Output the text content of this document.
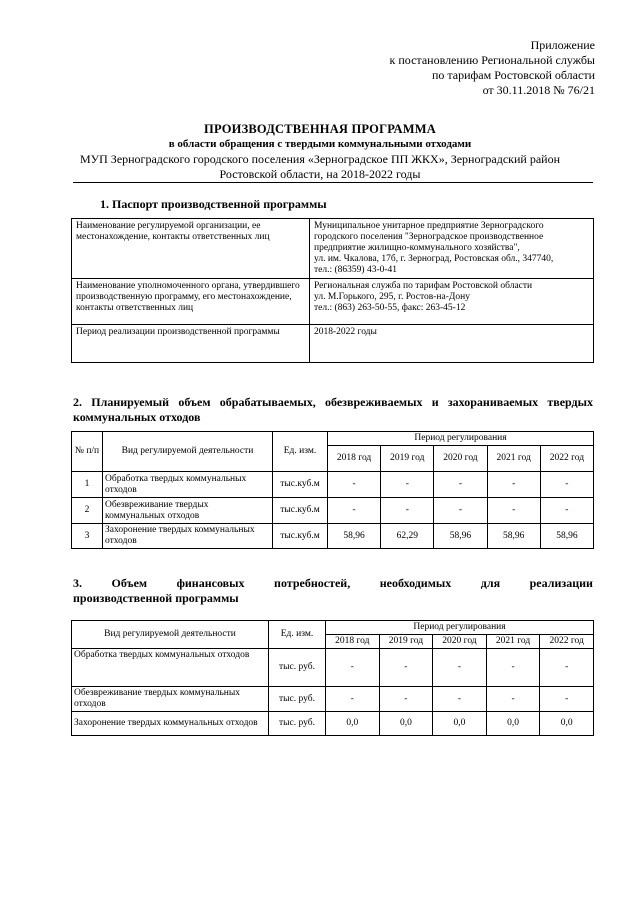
Приложение
к постановлению Региональной службы
по тарифам Ростовской области
от 30.11.2018 № 76/21
ПРОИЗВОДСТВЕННАЯ ПРОГРАММА
в области обращения с твердыми коммунальными отходами
МУП Зерноградского городского поселения «Зерноградское ПП ЖКХ», Зерноградский район
Ростовской области, на 2018-2022 годы
1. Паспорт производственной программы
Наименование регулируемой организации, ее местонахождение, контакты ответственных лиц	Муниципальное унитарное предприятие Зерноградского
городского поселения "Зерноградское производственное
предприятие жилищно-коммунального хозяйства",
ул. им. Чкалова, 17б, г. Зерноград, Ростовская обл., 347740,
тел.: (86359) 43-0-41

Наименование уполномоченного органа, утвердившего производственную программу, его местонахождение, контакты ответственных лиц	Региональная служба по тарифам Ростовской области
ул. М.Горького, 295, г. Ростов-на-Дону
тел.: (863) 263-50-55, факс: 263-45-12

Период реализации производственной программы	2018-2022 годы
2. Планируемый объем обрабатываемых, обезвреживаемых и захораниваемых твердых коммунальных отходов
№ п/п	Вид регулируемой деятельности	Ед. изм.	Период регулирования				
			2018 год	2019 год	2020 год	2021 год	2022 год
1	Обработка твердых коммунальных отходов	тыс.куб.м	-	-	-	-	-
2	Обезвреживание твердых коммунальных отходов	тыс.куб.м	-	-	-	-	-
3	Захоронение твердых коммунальных отходов	тыс.куб.м	58,96	62,29	58,96	58,96	58,96
3. Объем финансовых потребностей, необходимых для реализации
производственной программы
Вид регулируемой деятельности	Ед. изм.	Период регулирования				
		2018 год	2019 год	2020 год	2021 год	2022 год
Обработка твердых коммунальных отходов	тыс. руб.	-	-	-	-	-
Обезвреживание твердых коммунальных отходов	тыс. руб.	-	-	-	-	-
Захоронение твердых коммунальных отходов	тыс. руб.	0,0	0,0	0,0	0,0	0,0
